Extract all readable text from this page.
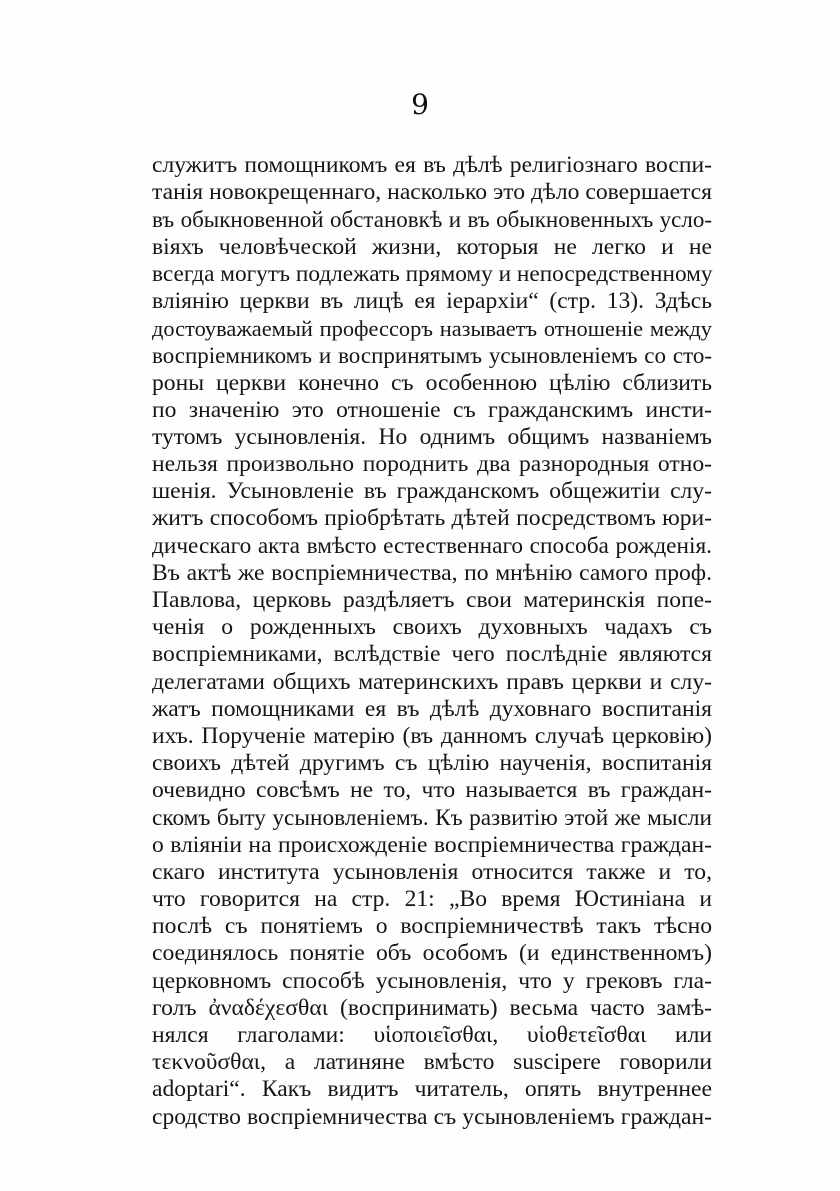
9
служитъ помощникомъ ея въ дѣлѣ религіознаго воспи-
танія новокрещеннаго, насколько это дѣло совершается
въ обыкновенной обстановкѣ и въ обыкновенныхъ усло-
віяхъ человѣческой жизни, которыя не легко и не
всегда могутъ подлежать прямому и непосредственному
вліянію церкви въ лицѣ ея іерархіи“ (стр. 13). Здѣсь
достоуважаемый профессоръ называетъ отношеніе между
воспріемникомъ и воспринятымъ усыновленіемъ со сто-
роны церкви конечно съ особенною цѣлію сблизить
по значенію это отношеніе съ гражданскимъ инсти-
тутомъ усыновленія. Но однимъ общимъ названіемъ
нельзя произвольно породнить два разнородныя отно-
шенія. Усыновленіе въ гражданскомъ общежитіи слу-
житъ способомъ пріобрѣтать дѣтей посредствомъ юри-
дическаго акта вмѣсто естественнаго способа рожденія.
Въ актѣ же воспріемничества, по мнѣнію самого проф.
Павлова, церковь раздѣляетъ свои материнскія попе-
ченія о рожденныхъ своихъ духовныхъ чадахъ съ
воспріемниками, вслѣдствіе чего послѣдніе являются
делегатами общихъ материнскихъ правъ церкви и слу-
жатъ помощниками ея въ дѣлѣ духовнаго воспитанія
ихъ. Порученіе матерію (въ данномъ случаѣ церковію)
своихъ дѣтей другимъ съ цѣлію наученія, воспитанія
очевидно совсѣмъ не то, что называется въ граждан-
скомъ быту усыновленіемъ. Къ развитію этой же мысли
о вліяніи на происхожденіе воспріемничества граждан-
скаго института усыновленія относится также и то,
что говорится на стр. 21: „Во время Юстиніана и
послѣ съ понятіемъ о воспріемничествѣ такъ тѣсно
соединялось понятіе объ особомъ (и единственномъ)
церковномъ способѣ усыновленія, что у грековъ гла-
голъ ἀναδέχεσθαι (воспринимать) весьма часто замѣ-
нялся глаголами: υἱοποιεῖσθαι, υἱοθετεῖσθαι или
τεκνοῦσθαι, а латиняне вмѣсто suscipere говорили
adoptari“. Какъ видитъ читатель, опять внутреннее
сродство воспріемничества съ усыновленіемъ граждан-
